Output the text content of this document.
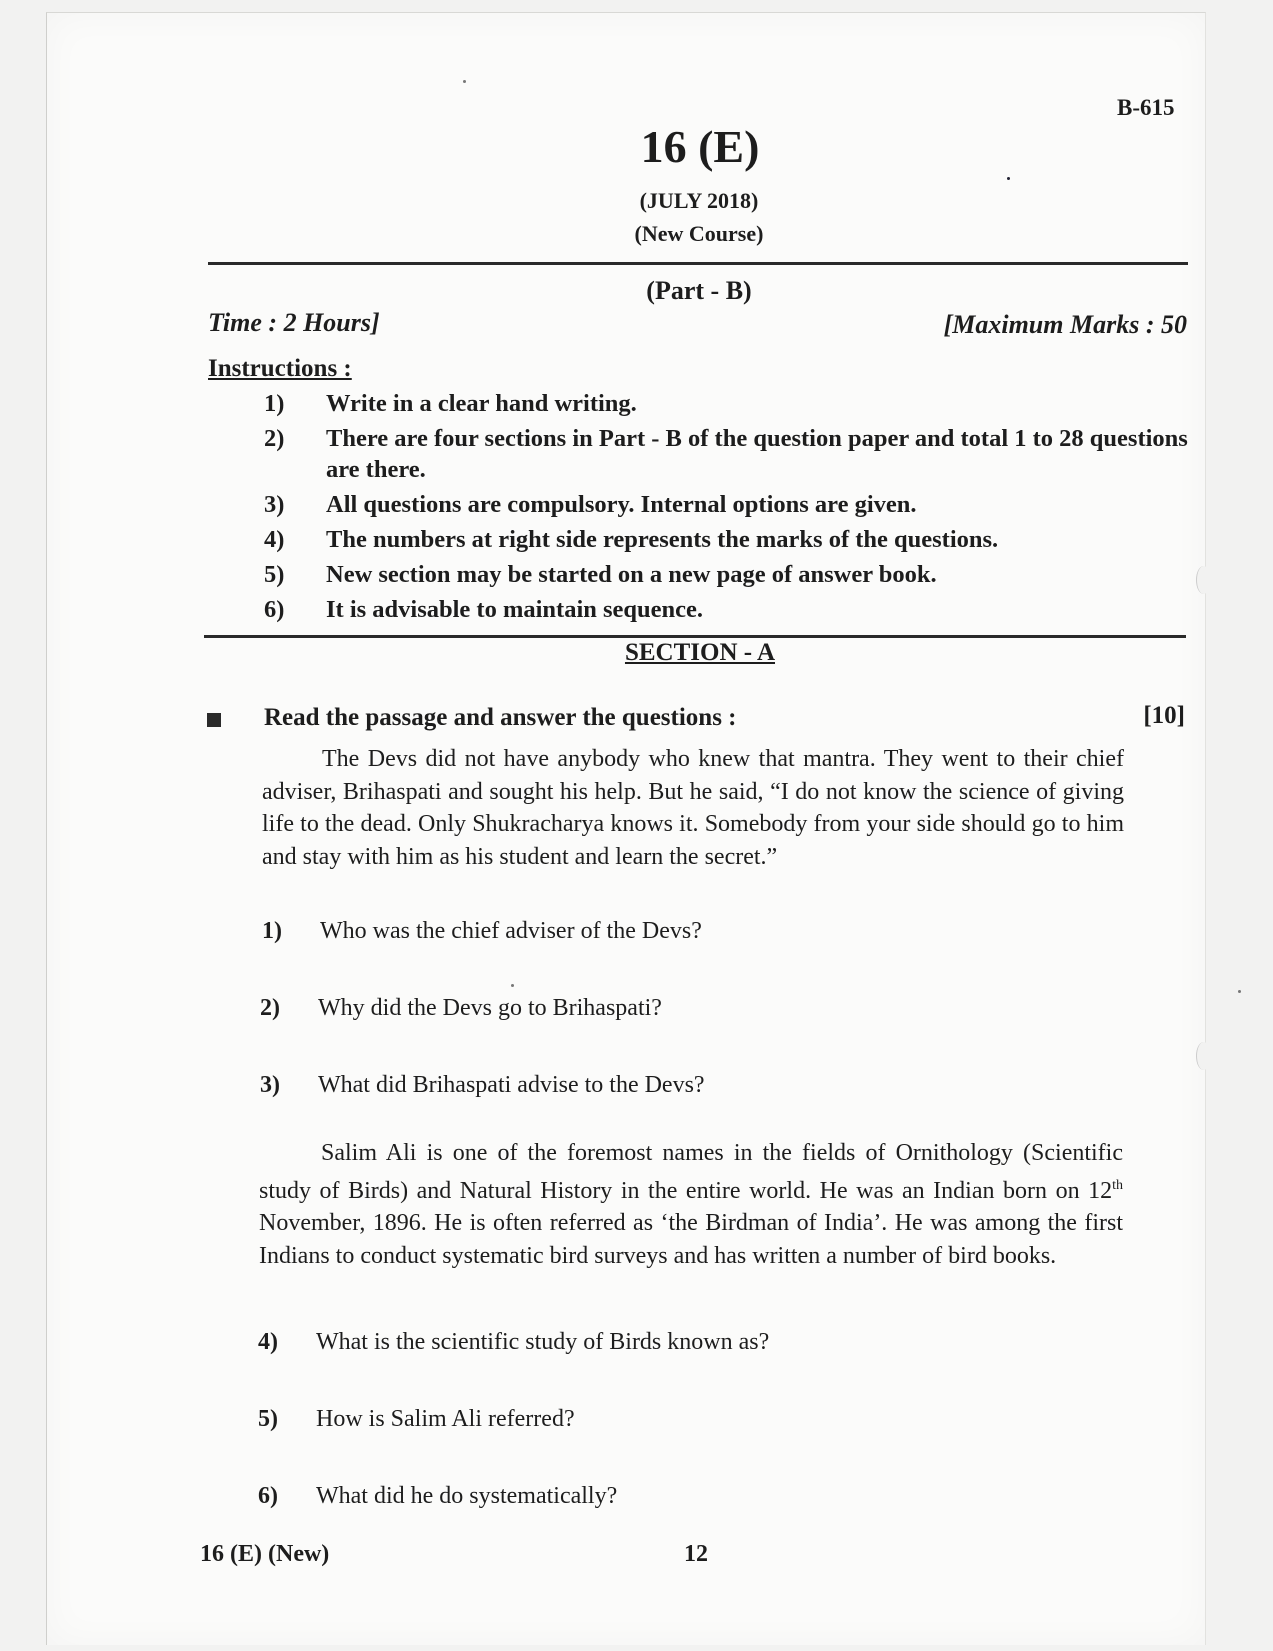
B-615
16 (E)
(JULY 2018)
(New Course)
(Part - B)
Time : 2 Hours]	[Maximum Marks : 50
Instructions :
1)	Write in a clear hand writing.
2)	There are four sections in Part - B of the question paper and total 1 to 28 questions are there.
3)	All questions are compulsory. Internal options are given.
4)	The numbers at right side represents the marks of the questions.
5)	New section may be started on a new page of answer book.
6)	It is advisable to maintain sequence.
SECTION - A
Read the passage and answer the questions :	[10]
The Devs did not have anybody who knew that mantra. They went to their chief adviser, Brihaspati and sought his help. But he said, “I do not know the science of giving life to the dead. Only Shukracharya knows it. Somebody from your side should go to him and stay with him as his student and learn the secret.”
1) Who was the chief adviser of the Devs?
2) Why did the Devs go to Brihaspati?
3) What did Brihaspati advise to the Devs?
Salim Ali is one of the foremost names in the fields of Ornithology (Scientific study of Birds) and Natural History in the entire world. He was an Indian born on 12th November, 1896. He is often referred as ‘the Birdman of India’. He was among the first Indians to conduct systematic bird surveys and has written a number of bird books.
4) What is the scientific study of Birds known as?
5) How is Salim Ali referred?
6) What did he do systematically?
16 (E) (New)	12
